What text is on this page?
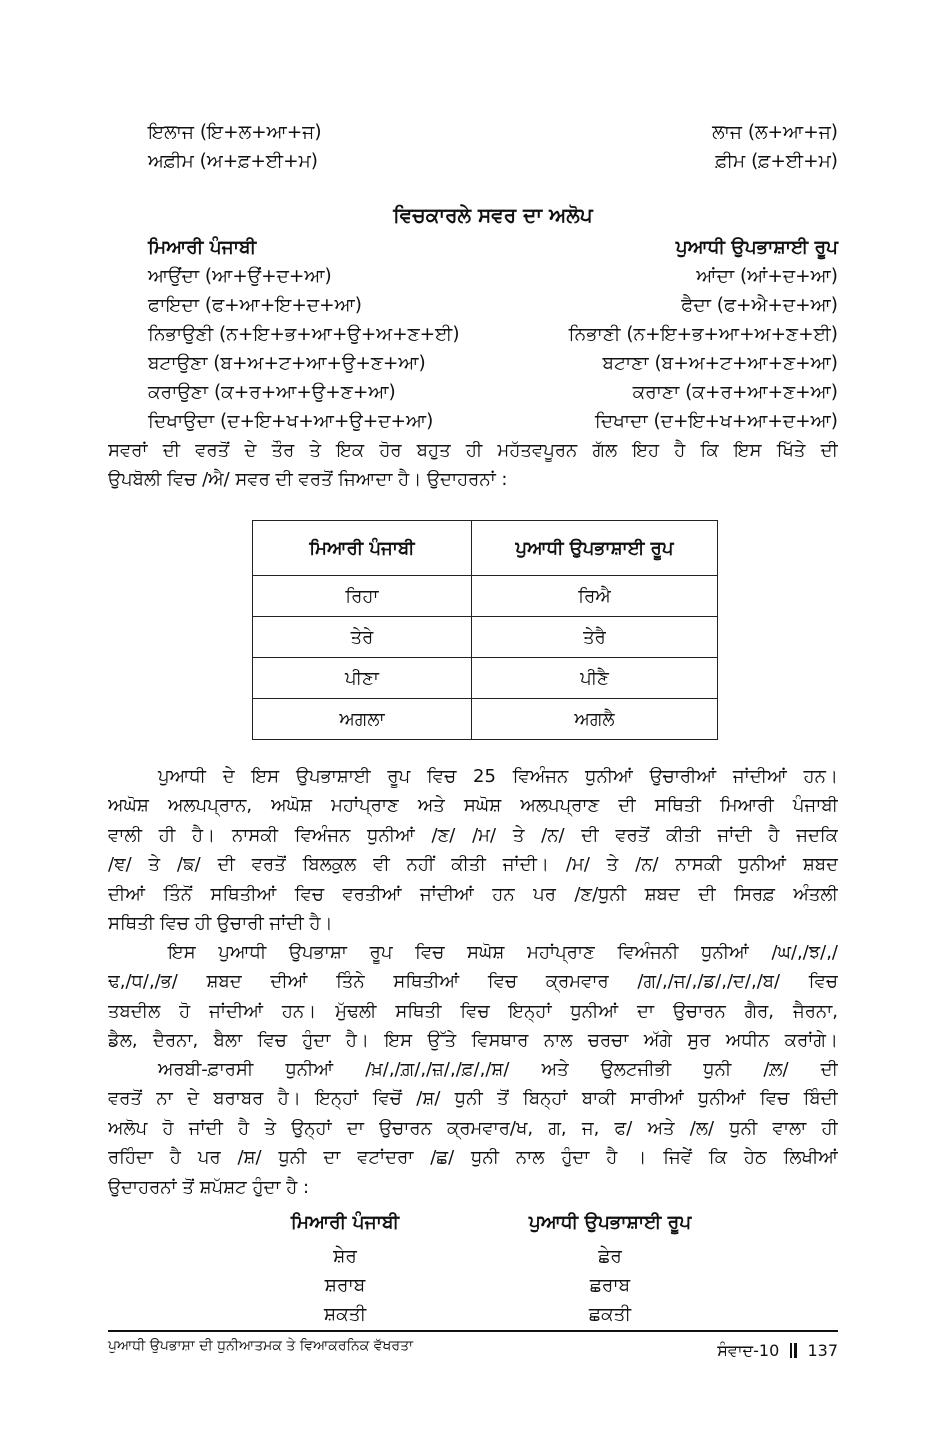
ਇਲਾਜ (ਇ+ਲ+ਆ+ਜ)	ਲਾਜ (ਲ+ਆ+ਜ)
ਅਫ਼ੀਮ (ਅ+ਫ਼+ਈ+ਮ)	ਫ਼ੀਮ (ਫ਼+ਈ+ਮ)
ਵਿਚਕਾਰਲੇ ਸਵਰ ਦਾ ਅਲੋਪ
ਮਿਆਰੀ ਪੰਜਾਬੀ	ਪੁਆਧੀ ਉਪਭਾਸ਼ਾਈ ਰੂਪ
ਆਉਂਦਾ (ਆ+ਉਂ+ਦ+ਆ)	ਆਂਦਾ (ਆਂ+ਦ+ਆ)
ਫਾਇਦਾ (ਫ+ਆ+ਇ+ਦ+ਆ)	ਫੈਦਾ (ਫ+ਐ+ਦ+ਆ)
ਨਿਭਾਉਣੀ (ਨ+ਇ+ਭ+ਆ+ਉ+ਅ+ਣ+ਈ)	ਨਿਭਾਣੀ (ਨ+ਇ+ਭ+ਆ+ਅ+ਣ+ਈ)
ਬਟਾਉਣਾ (ਬ+ਅ+ਟ+ਆ+ਉ+ਣ+ਆ)	ਬਟਾਣਾ (ਬ+ਅ+ਟ+ਆ+ਣ+ਆ)
ਕਰਾਉਣਾ (ਕ+ਰ+ਆ+ਉ+ਣ+ਆ)	ਕਰਾਣਾ (ਕ+ਰ+ਆ+ਣ+ਆ)
ਦਿਖਾਉਦਾ (ਦ+ਇ+ਖ+ਆ+ਉ+ਦ+ਆ)	ਦਿਖਾਦਾ (ਦ+ਇ+ਖ+ਆ+ਦ+ਆ)
ਸਵਰਾਂ ਦੀ ਵਰਤੋਂ ਦੇ ਤੌਰ ਤੇ ਇਕ ਹੋਰ ਬਹੁਤ ਹੀ ਮਹੱਤਵਪੂਰਨ ਗੱਲ ਇਹ ਹੈ ਕਿ ਇਸ ਖਿੱਤੇ ਦੀ
ਉਪਬੋਲੀ ਵਿਚ /ਐ/ ਸਵਰ ਦੀ ਵਰਤੋਂ ਜਿਆਦਾ ਹੈ। ਉਦਾਹਰਨਾਂ :
ਮਿਆਰੀ ਪੰਜਾਬੀ	ਪੁਆਧੀ ਉਪਭਾਸ਼ਾਈ ਰੂਪ
ਰਿਹਾ	ਰਿਐ
ਤੇਰੇ	ਤੇਰੈ
ਪੀਣਾ	ਪੀਣੈ
ਅਗਲਾ	ਅਗਲੈ
ਪੁਆਧੀ ਦੇ ਇਸ ਉਪਭਾਸ਼ਾਈ ਰੂਪ ਵਿਚ 25 ਵਿਅੰਜਨ ਧੁਨੀਆਂ ਉਚਾਰੀਆਂ ਜਾਂਦੀਆਂ ਹਨ।
ਅਘੋਸ਼ ਅਲਪਪ੍ਰਾਨ, ਅਘੋਸ਼ ਮਹਾਂਪ੍ਰਾਣ ਅਤੇ ਸਘੋਸ਼ ਅਲਪਪ੍ਰਾਣ ਦੀ ਸਥਿਤੀ ਮਿਆਰੀ ਪੰਜਾਬੀ
ਵਾਲੀ ਹੀ ਹੈ। ਨਾਸਕੀ ਵਿਅੰਜਨ ਧੁਨੀਆਂ /ਣ/ /ਮ/ ਤੇ /ਨ/ ਦੀ ਵਰਤੋਂ ਕੀਤੀ ਜਾਂਦੀ ਹੈ ਜਦਕਿ
/ਞ/ ਤੇ /ਙ/ ਦੀ ਵਰਤੋਂ ਬਿਲਕੁਲ ਵੀ ਨਹੀਂ ਕੀਤੀ ਜਾਂਦੀ। /ਮ/ ਤੇ /ਨ/ ਨਾਸਕੀ ਧੁਨੀਆਂ ਸ਼ਬਦ
ਦੀਆਂ ਤਿੰਨੋਂ ਸਥਿਤੀਆਂ ਵਿਚ ਵਰਤੀਆਂ ਜਾਂਦੀਆਂ ਹਨ ਪਰ /ਣ/ਧੁਨੀ ਸ਼ਬਦ ਦੀ ਸਿਰਫ਼ ਅੰਤਲੀ
ਸਥਿਤੀ ਵਿਚ ਹੀ ਉਚਾਰੀ ਜਾਂਦੀ ਹੈ।
ਇਸ ਪੁਆਧੀ ਉਪਭਾਸ਼ਾ ਰੂਪ ਵਿਚ ਸਘੋਸ਼ ਮਹਾਂਪ੍ਰਾਣ ਵਿਅੰਜਨੀ ਧੁਨੀਆਂ /ਘ/,/ਝ/,/
ਢ,/ਧ/,/ਭ/ ਸ਼ਬਦ ਦੀਆਂ ਤਿੰਨੇ ਸਥਿਤੀਆਂ ਵਿਚ ਕ੍ਰਮਵਾਰ /ਗ/,/ਜ/,/ਡ/,/ਦ/,/ਬ/ ਵਿਚ
ਤਬਦੀਲ ਹੋ ਜਾਂਦੀਆਂ ਹਨ। ਮੁੱਢਲੀ ਸਥਿਤੀ ਵਿਚ ਇਨ੍ਹਾਂ ਧੁਨੀਆਂ ਦਾ ਉਚਾਰਨ ਗੈਰ, ਜੈਰਨਾ,
ਡੈਲ, ਦੈਰਨਾ, ਬੈਲਾ ਵਿਚ ਹੁੰਦਾ ਹੈ। ਇਸ ਉੱਤੇ ਵਿਸਥਾਰ ਨਾਲ ਚਰਚਾ ਅੱਗੇ ਸੁਰ ਅਧੀਨ ਕਰਾਂਗੇ।
ਅਰਬੀ-ਫ਼ਾਰਸੀ ਧੁਨੀਆਂ /ਖ਼/,/ਗ਼/,/ਜ਼/,/ਫ਼/,/ਸ਼/ ਅਤੇ ਉਲਟਜੀਭੀ ਧੁਨੀ /ਲ਼/ ਦੀ
ਵਰਤੋਂ ਨਾ ਦੇ ਬਰਾਬਰ ਹੈ। ਇਨ੍ਹਾਂ ਵਿਚੋਂ /ਸ਼/ ਧੁਨੀ ਤੋਂ ਬਿਨ੍ਹਾਂ ਬਾਕੀ ਸਾਰੀਆਂ ਧੁਨੀਆਂ ਵਿਚ ਬਿੰਦੀ
ਅਲੋਪ ਹੋ ਜਾਂਦੀ ਹੈ ਤੇ ਉਨ੍ਹਾਂ ਦਾ ਉਚਾਰਨ ਕ੍ਰਮਵਾਰ/ਖ, ਗ, ਜ, ਫ/ ਅਤੇ /ਲ/ ਧੁਨੀ ਵਾਲਾ ਹੀ
ਰਹਿੰਦਾ ਹੈ ਪਰ /ਸ਼/ ਧੁਨੀ ਦਾ ਵਟਾਂਦਰਾ /ਛ/ ਧੁਨੀ ਨਾਲ ਹੁੰਦਾ ਹੈ । ਜਿਵੇਂ ਕਿ ਹੇਠ ਲਿਖੀਆਂ
ਉਦਾਹਰਨਾਂ ਤੋਂ ਸ਼ਪੱਸ਼ਟ ਹੁੰਦਾ ਹੈ :
ਮਿਆਰੀ ਪੰਜਾਬੀ	ਪੁਆਧੀ ਉਪਭਾਸ਼ਾਈ ਰੂਪ
ਸ਼ੇਰ	ਛੇਰ
ਸ਼ਰਾਬ	ਛਰਾਬ
ਸ਼ਕਤੀ	ਛਕਤੀ
ਪੁਆਧੀ ਉਪਭਾਸ਼ਾ ਦੀ ਧੁਨੀਆਤਮਕ ਤੇ ਵਿਆਕਰਨਿਕ ਵੱਖਰਤਾ	ਸੰਵਾਦ-10 137
